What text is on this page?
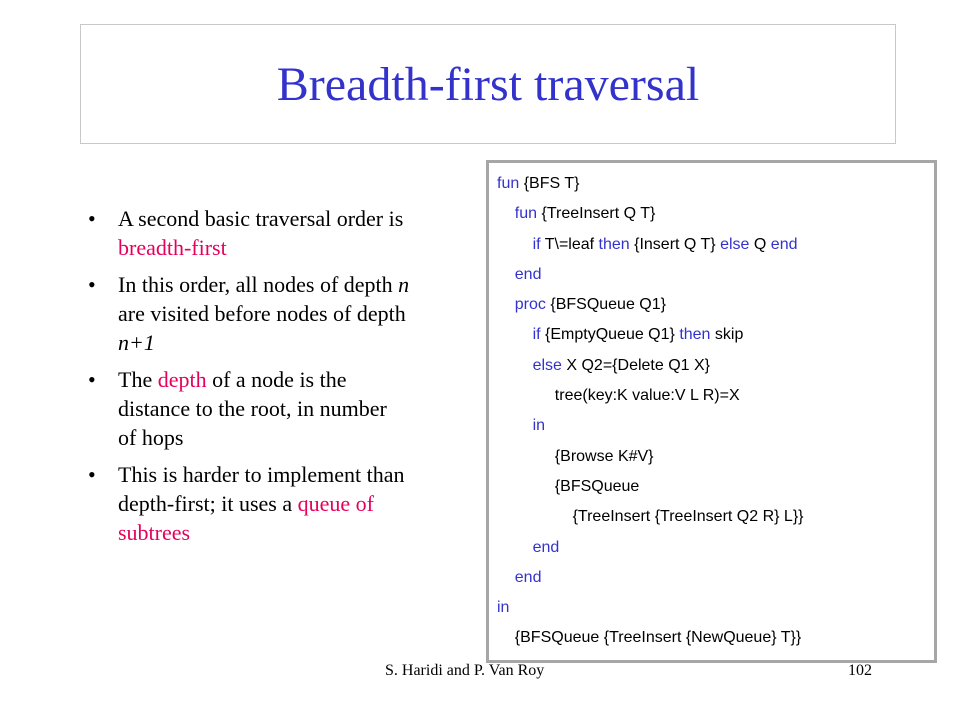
Breadth-first traversal
• A second basic traversal order is breadth-first
• In this order, all nodes of depth n are visited before nodes of depth n+1
• The depth of a node is the distance to the root, in number of hops
• This is harder to implement than depth-first; it uses a queue of subtrees
fun {BFS T}
fun {TreeInsert Q T}
if T\=leaf then {Insert Q T} else Q end
end
proc {BFSQueue Q1}
if {EmptyQueue Q1} then skip
else X Q2={Delete Q1 X}
tree(key:K value:V L R)=X
in
{Browse K#V}
{BFSQueue
{TreeInsert {TreeInsert Q2 R} L}}
end
end
in
{BFSQueue {TreeInsert {NewQueue} T}}
S. Haridi and P. Van Roy	102
